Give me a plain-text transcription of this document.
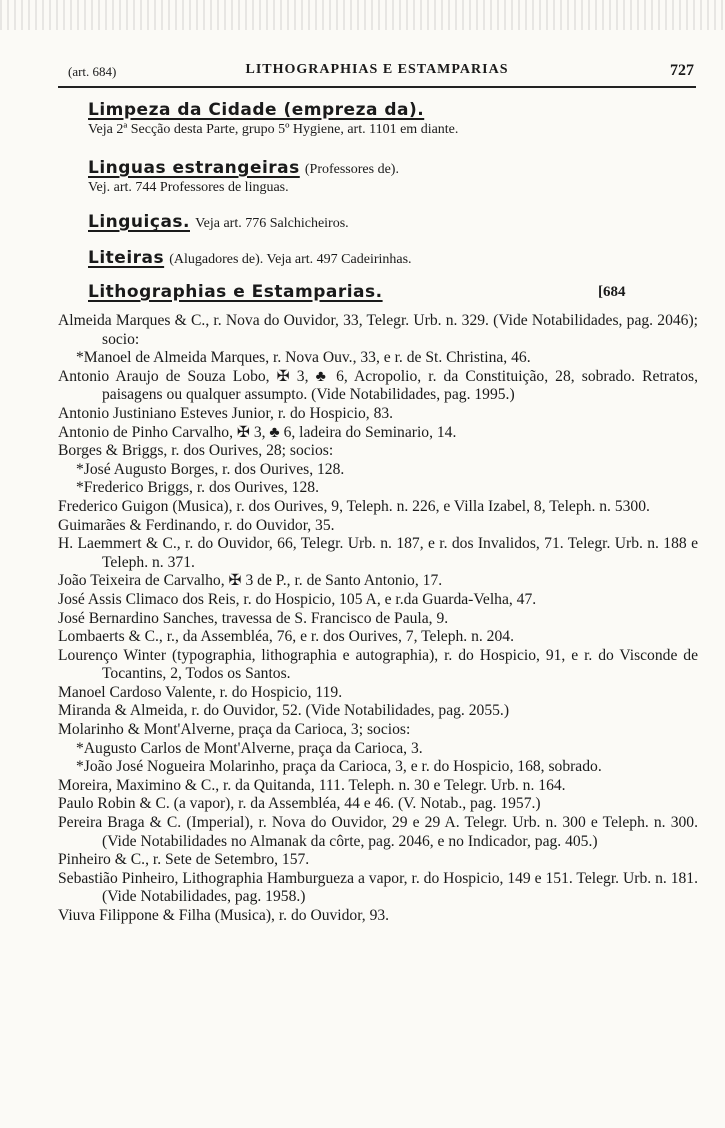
(art. 684)	LITHOGRAPHIAS E ESTAMPARIAS	727
Limpeza da Cidade (empreza da).
Veja 2ª Secção desta Parte, grupo 5º Hygiene, art. 1101 em diante.
Linguas estrangeiras (Professores de).
Vej. art. 744 Professores de linguas.
Linguiças. Veja art. 776 Salchicheiros.
Liteiras (Alugadores de). Veja art. 497 Cadeirinhas.
Lithographias e Estamparias.	[684
Almeida Marques & C., r. Nova do Ouvidor, 33, Telegr. Urb. n. 329. (Vide Notabilidades, pag. 2046); socio:
*Manoel de Almeida Marques, r. Nova Ouv., 33, e r. de St. Christina, 46.
Antonio Araujo de Souza Lobo, ✠ 3, ♣ 6, Acropolio, r. da Constituição, 28, sobrado. Retratos, paisagens ou qualquer assumpto. (Vide Notabilidades, pag. 1995.)
Antonio Justiniano Esteves Junior, r. do Hospicio, 83.
Antonio de Pinho Carvalho, ✠ 3, ♣ 6, ladeira do Seminario, 14.
Borges & Briggs, r. dos Ourives, 28; socios:
*José Augusto Borges, r. dos Ourives, 128.
*Frederico Briggs, r. dos Ourives, 128.
Frederico Guigon (Musica), r. dos Ourives, 9, Teleph. n. 226, e Villa Izabel, 8, Teleph. n. 5300.
Guimarães & Ferdinando, r. do Ouvidor, 35.
H. Laemmert & C., r. do Ouvidor, 66, Telegr. Urb. n. 187, e r. dos Invalidos, 71. Telegr. Urb. n. 188 e Teleph. n. 371.
João Teixeira de Carvalho, ✠ 3 de P., r. de Santo Antonio, 17.
José Assis Climaco dos Reis, r. do Hospicio, 105 A, e r.da Guarda-Velha, 47.
José Bernardino Sanches, travessa de S. Francisco de Paula, 9.
Lombaerts & C., r., da Assembléa, 76, e r. dos Ourives, 7, Teleph. n. 204.
Lourenço Winter (typographia, lithographia e autographia), r. do Hospicio, 91, e r. do Visconde de Tocantins, 2, Todos os Santos.
Manoel Cardoso Valente, r. do Hospicio, 119.
Miranda & Almeida, r. do Ouvidor, 52. (Vide Notabilidades, pag. 2055.)
Molarinho & Mont'Alverne, praça da Carioca, 3; socios:
*Augusto Carlos de Mont'Alverne, praça da Carioca, 3.
*João José Nogueira Molarinho, praça da Carioca, 3, e r. do Hospicio, 168, sobrado.
Moreira, Maximino & C., r. da Quitanda, 111. Teleph. n. 30 e Telegr. Urb. n. 164.
Paulo Robin & C. (a vapor), r. da Assembléa, 44 e 46. (V. Notab., pag. 1957.)
Pereira Braga & C. (Imperial), r. Nova do Ouvidor, 29 e 29 A. Telegr. Urb. n. 300 e Teleph. n. 300. (Vide Notabilidades no Almanak da côrte, pag. 2046, e no Indicador, pag. 405.)
Pinheiro & C., r. Sete de Setembro, 157.
Sebastião Pinheiro, Lithographia Hamburgueza a vapor, r. do Hospicio, 149 e 151. Telegr. Urb. n. 181. (Vide Notabilidades, pag. 1958.)
Viuva Filippone & Filha (Musica), r. do Ouvidor, 93.
